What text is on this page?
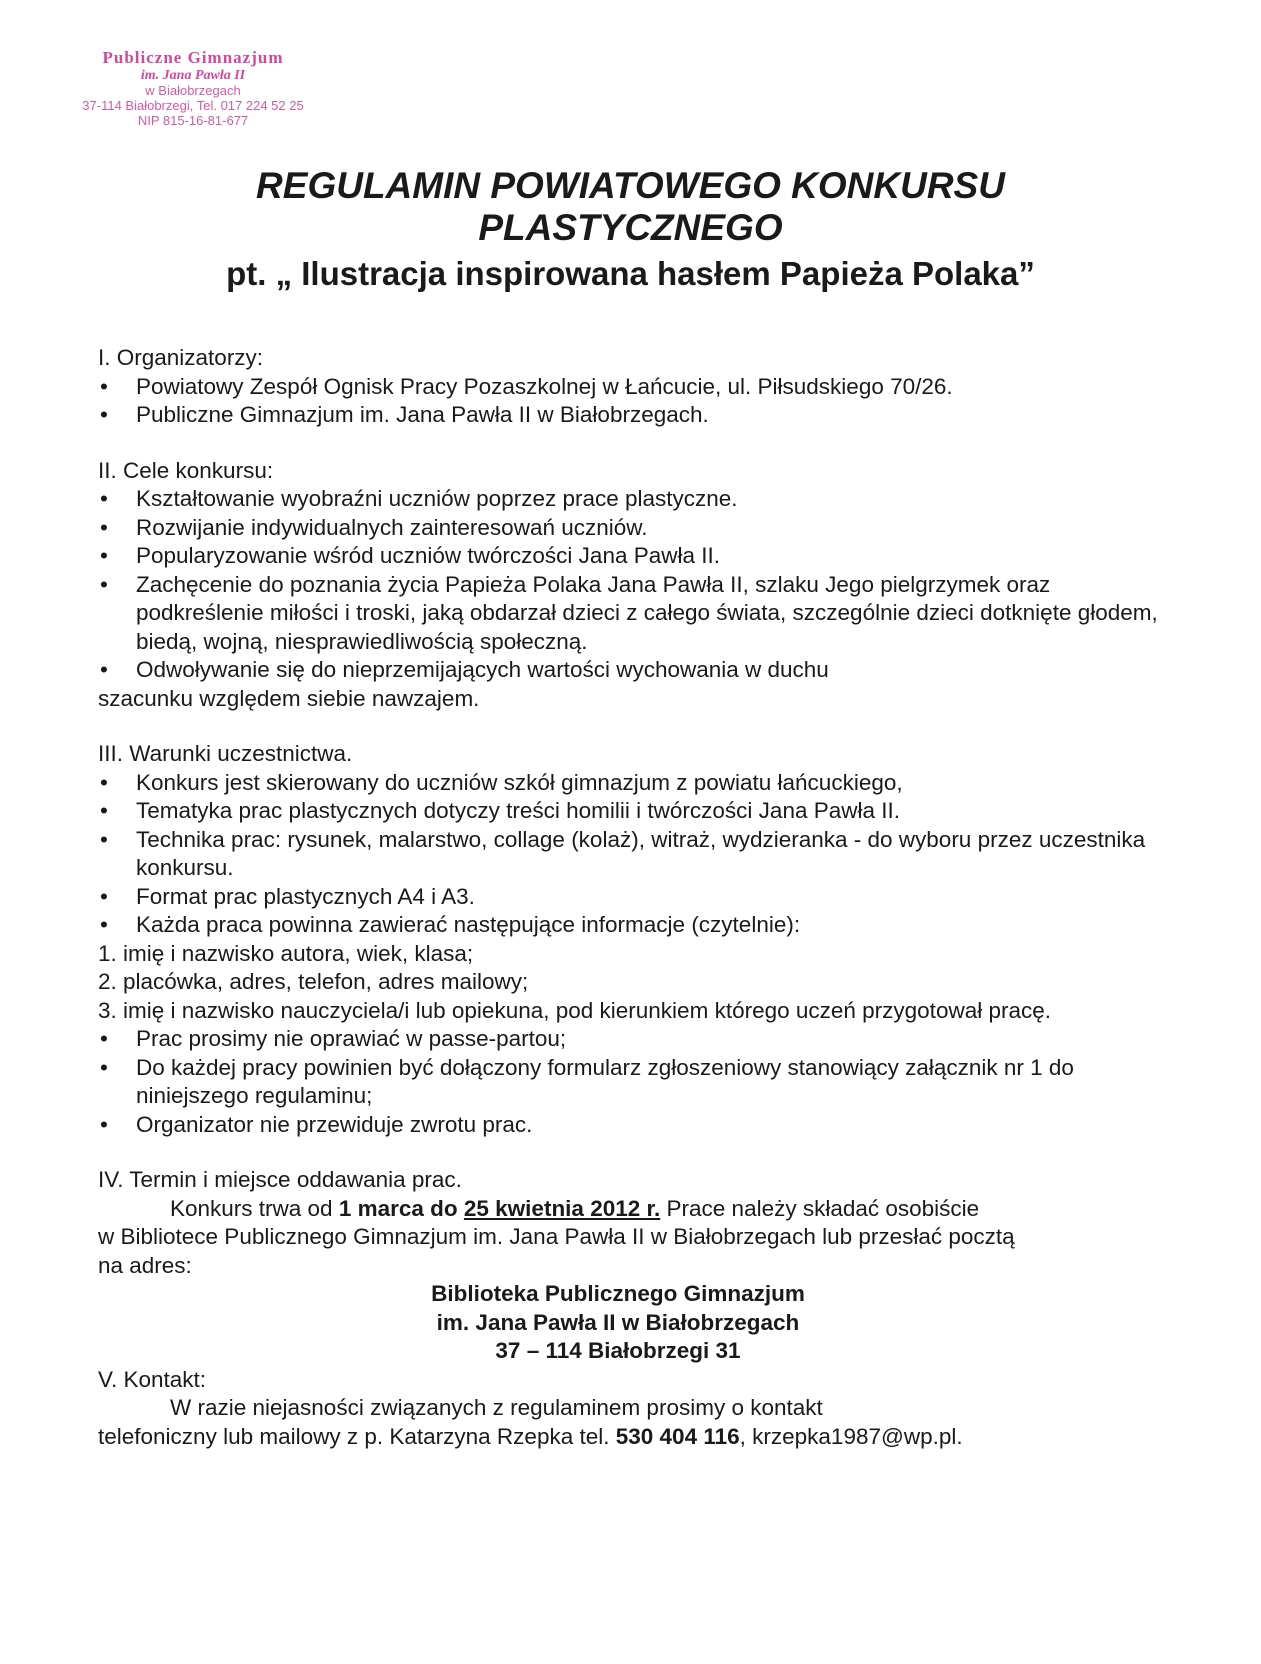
Publiczne Gimnazjum
im. Jana Pawła II
w Białobrzegach
37-114 Białobrzegi, Tel. 017 224 52 25
NIP 815-16-81-677
REGULAMIN POWIATOWEGO KONKURSU
PLASTYCZNEGO
pt. „ Ilustracja inspirowana hasłem Papieża Polaka”

I. Organizatorzy:

• Powiatowy Zespół Ognisk Pracy Pozaszkolnej w Łańcucie, ul. Piłsudskiego 70/26.
• Publiczne Gimnazjum im. Jana Pawła II w Białobrzegach.

II. Cele konkursu:

• Kształtowanie wyobraźni uczniów poprzez prace plastyczne.
• Rozwijanie indywidualnych zainteresowań uczniów.
• Popularyzowanie wśród uczniów twórczości Jana Pawła II.
• Zachęcenie do poznania życia Papieża Polaka Jana Pawła II, szlaku Jego pielgrzymek oraz podkreślenie miłości i troski, jaką obdarzał dzieci z całego świata, szczególnie dzieci dotknięte głodem, biedą, wojną, niesprawiedliwością społeczną.
• Odwoływanie się do nieprzemijających wartości wychowania w duchu

szacunku względem siebie nawzajem.

III. Warunki uczestnictwa.

• Konkurs jest skierowany do uczniów szkół gimnazjum z powiatu łańcuckiego,
• Tematyka prac plastycznych dotyczy treści homilii i twórczości Jana Pawła II.
• Technika prac: rysunek, malarstwo, collage (kolaż), witraż, wydzieranka - do wyboru przez uczestnika konkursu.
• Format prac plastycznych A4 i A3.
• Każda praca powinna zawierać następujące informacje (czytelnie):

1. imię i nazwisko autora, wiek, klasa;

2. placówka, adres, telefon, adres mailowy;

3. imię i nazwisko nauczyciela/i lub opiekuna, pod kierunkiem którego uczeń przygotował pracę.

• Prac prosimy nie oprawiać w passe-partou;
• Do każdej pracy powinien być dołączony formularz zgłoszeniowy stanowiący załącznik nr 1 do niniejszego regulaminu;
• Organizator nie przewiduje zwrotu prac.

IV. Termin i miejsce oddawania prac.

Konkurs trwa od 1 marca do 25 kwietnia 2012 r. Prace należy składać osobiście

w Bibliotece Publicznego Gimnazjum im. Jana Pawła II w Białobrzegach lub przesłać pocztą

na adres:

Biblioteka Publicznego Gimnazjum
im. Jana Pawła II w Białobrzegach
37 – 114 Białobrzegi 31

V. Kontakt:

W razie niejasności związanych z regulaminem prosimy o kontakt

telefoniczny lub mailowy z p. Katarzyna Rzepka tel. 530 404 116, krzepka1987@wp.pl.
